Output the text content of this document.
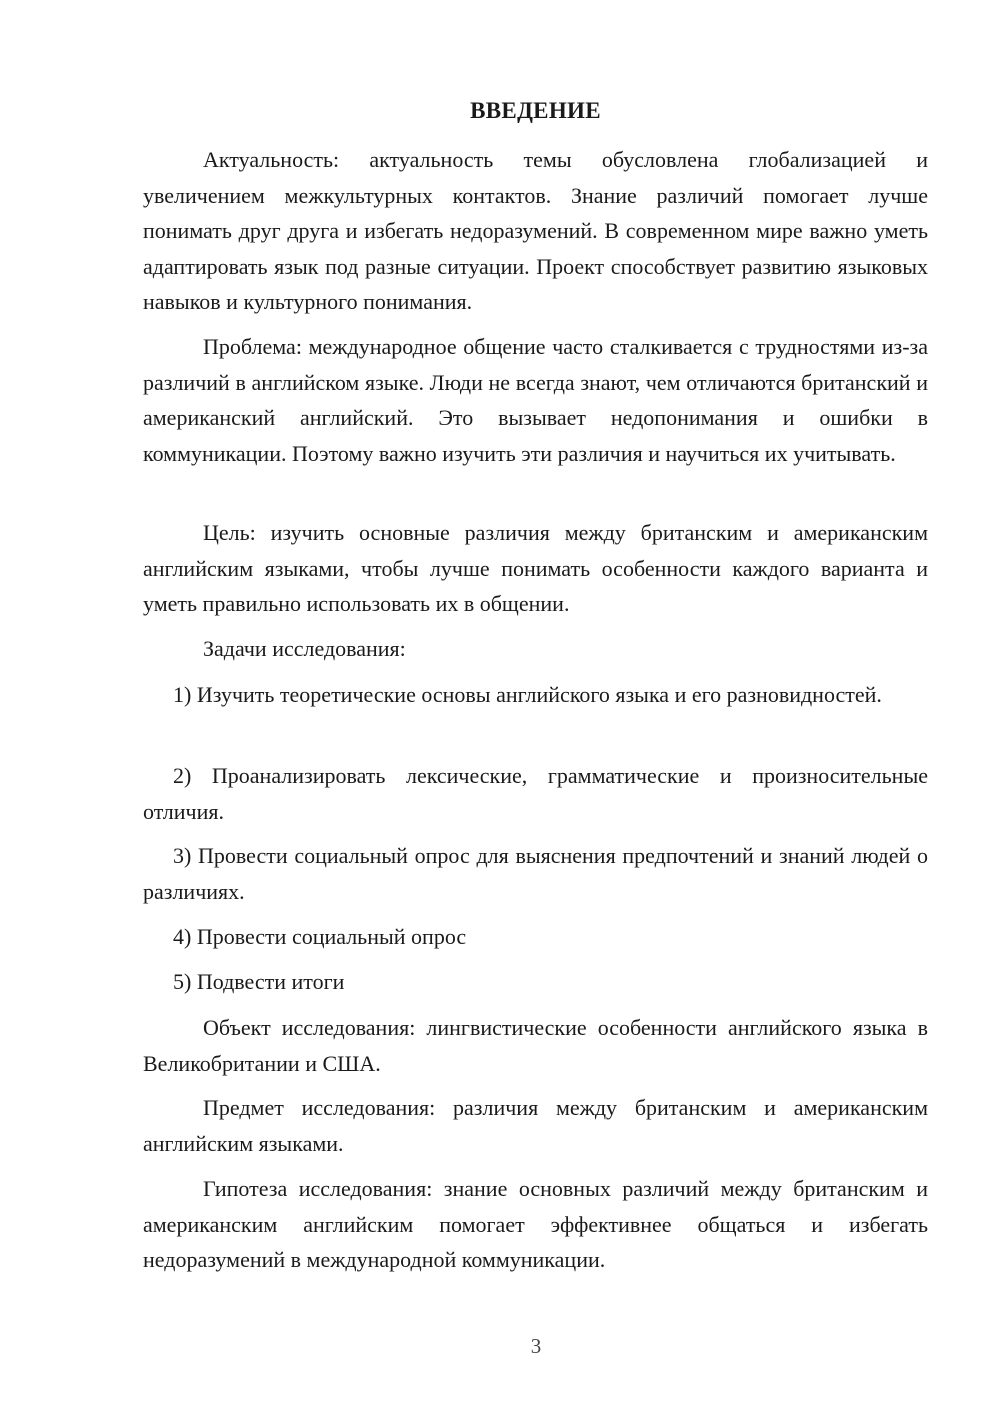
ВВЕДЕНИЕ

Актуальность: актуальность темы обусловлена глобализацией и увеличением межкультурных контактов. Знание различий помогает лучше понимать друг друга и избегать недоразумений. В современном мире важно уметь адаптировать язык под разные ситуации. Проект способствует развитию языковых навыков и культурного понимания.

Проблема: международное общение часто сталкивается с трудностями из-за различий в английском языке. Люди не всегда знают, чем отличаются британский и американский английский. Это вызывает недопонимания и ошибки в коммуникации. Поэтому важно изучить эти различия и научиться их учитывать.

Цель: изучить основные различия между британским и американским английским языками, чтобы лучше понимать особенности каждого варианта и уметь правильно использовать их в общении.

Задачи исследования:

1) Изучить теоретические основы английского языка и его разновидностей.

2) Проанализировать лексические, грамматические и произносительные отличия.

3) Провести социальный опрос для выяснения предпочтений и знаний людей о различиях.

4) Провести социальный опрос

5) Подвести итоги

Объект исследования: лингвистические особенности английского языка в Великобритании и США.

Предмет исследования: различия между британским и американским английским языками.

Гипотеза исследования: знание основных различий между британским и американским английским помогает эффективнее общаться и избегать недоразумений в международной коммуникации.

3
